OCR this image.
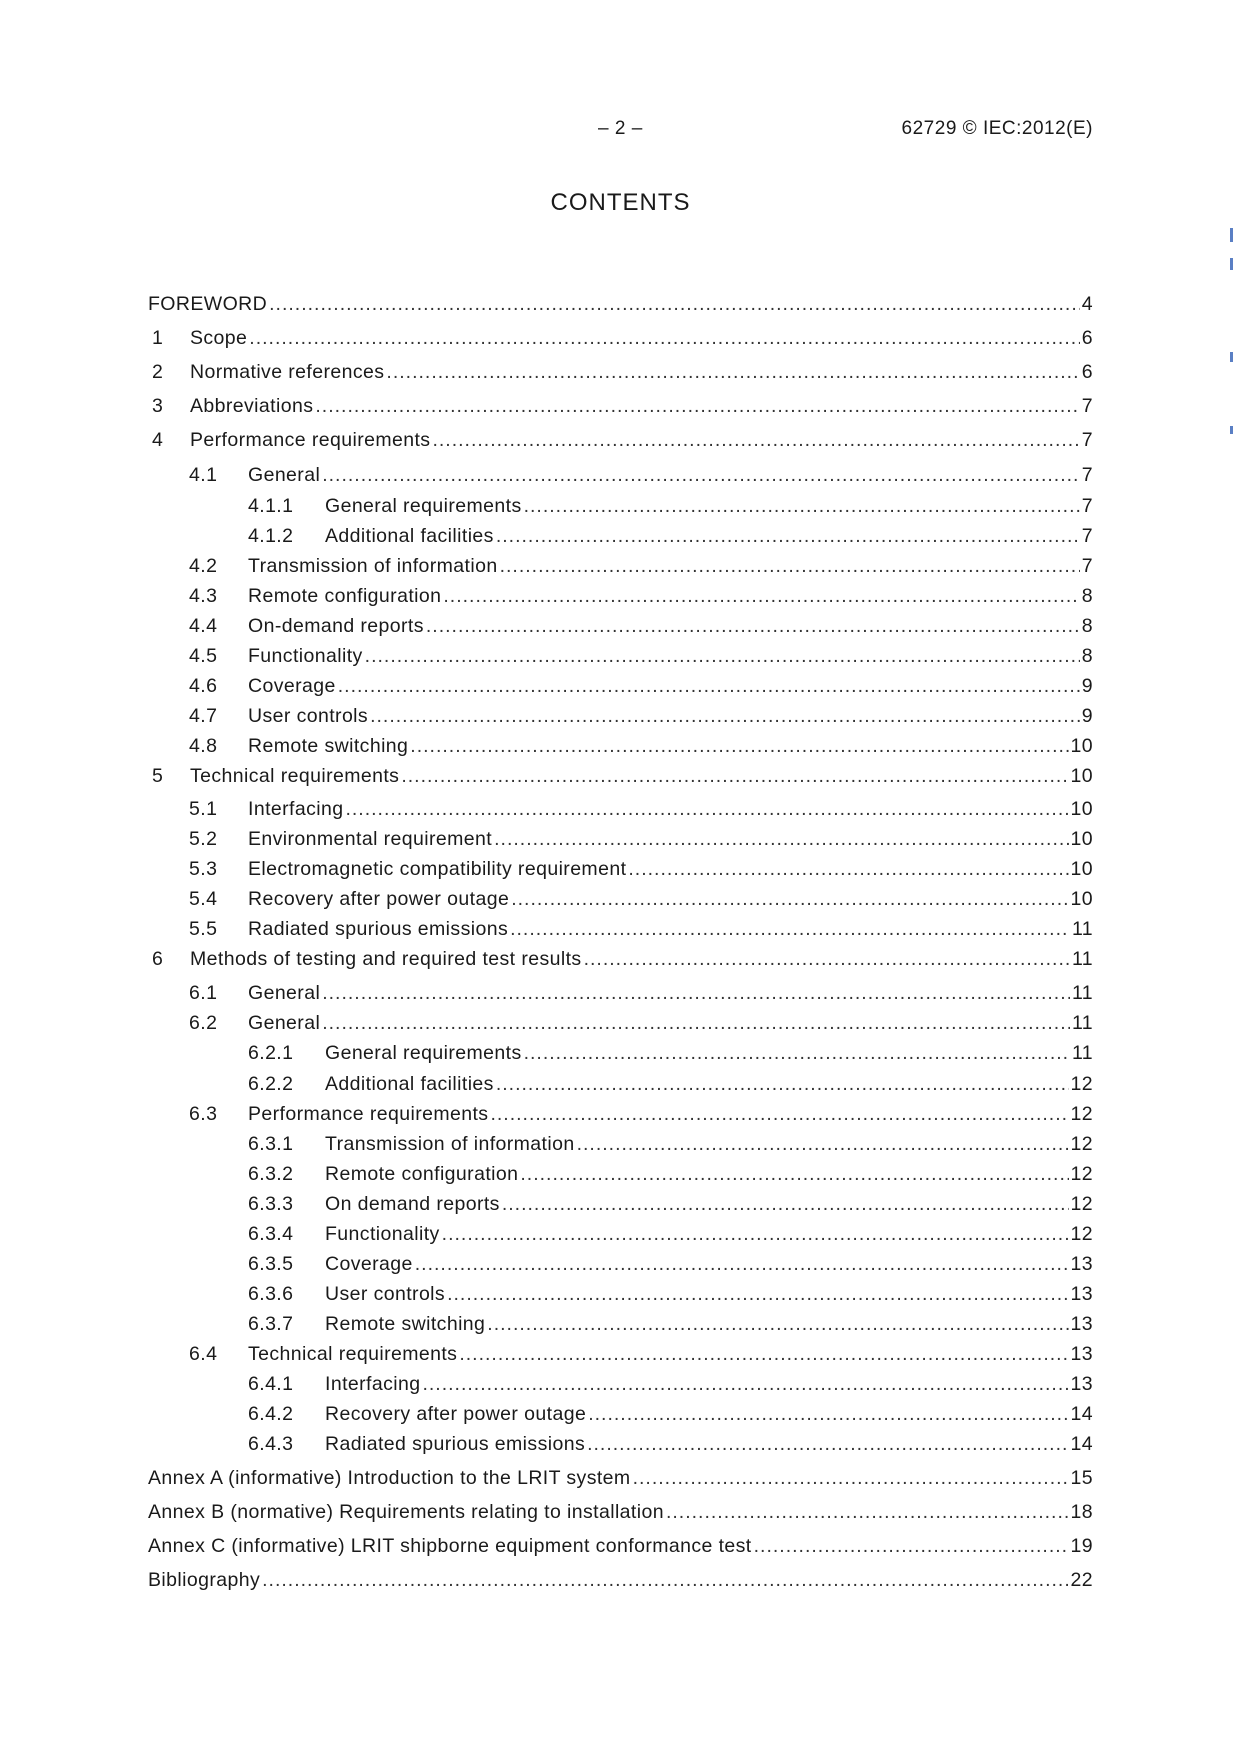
– 2 –	62729 © IEC:2012(E)
CONTENTS
FOREWORD .....	4
1 Scope .....	6
2 Normative references .....	6
3 Abbreviations .....	7
4 Performance requirements .....	7
4.1 General .....	7
4.1.1 General requirements .....	7
4.1.2 Additional facilities .....	7
4.2 Transmission of information .....	7
4.3 Remote configuration .....	8
4.4 On-demand reports .....	8
4.5 Functionality .....	8
4.6 Coverage .....	9
4.7 User controls .....	9
4.8 Remote switching .....	10
5 Technical requirements .....	10
5.1 Interfacing .....	10
5.2 Environmental requirement .....	10
5.3 Electromagnetic compatibility requirement .....	10
5.4 Recovery after power outage .....	10
5.5 Radiated spurious emissions .....	11
6 Methods of testing and required test results .....	11
6.1 General .....	11
6.2 General .....	11
6.2.1 General requirements .....	11
6.2.2 Additional facilities .....	12
6.3 Performance requirements .....	12
6.3.1 Transmission of information .....	12
6.3.2 Remote configuration .....	12
6.3.3 On demand reports .....	12
6.3.4 Functionality .....	12
6.3.5 Coverage .....	13
6.3.6 User controls .....	13
6.3.7 Remote switching .....	13
6.4 Technical requirements .....	13
6.4.1 Interfacing .....	13
6.4.2 Recovery after power outage .....	14
6.4.3 Radiated spurious emissions .....	14
Annex A (informative) Introduction to the LRIT system .....	15
Annex B (normative) Requirements relating to installation .....	18
Annex C (informative) LRIT shipborne equipment conformance test .....	19
Bibliography .....	22
